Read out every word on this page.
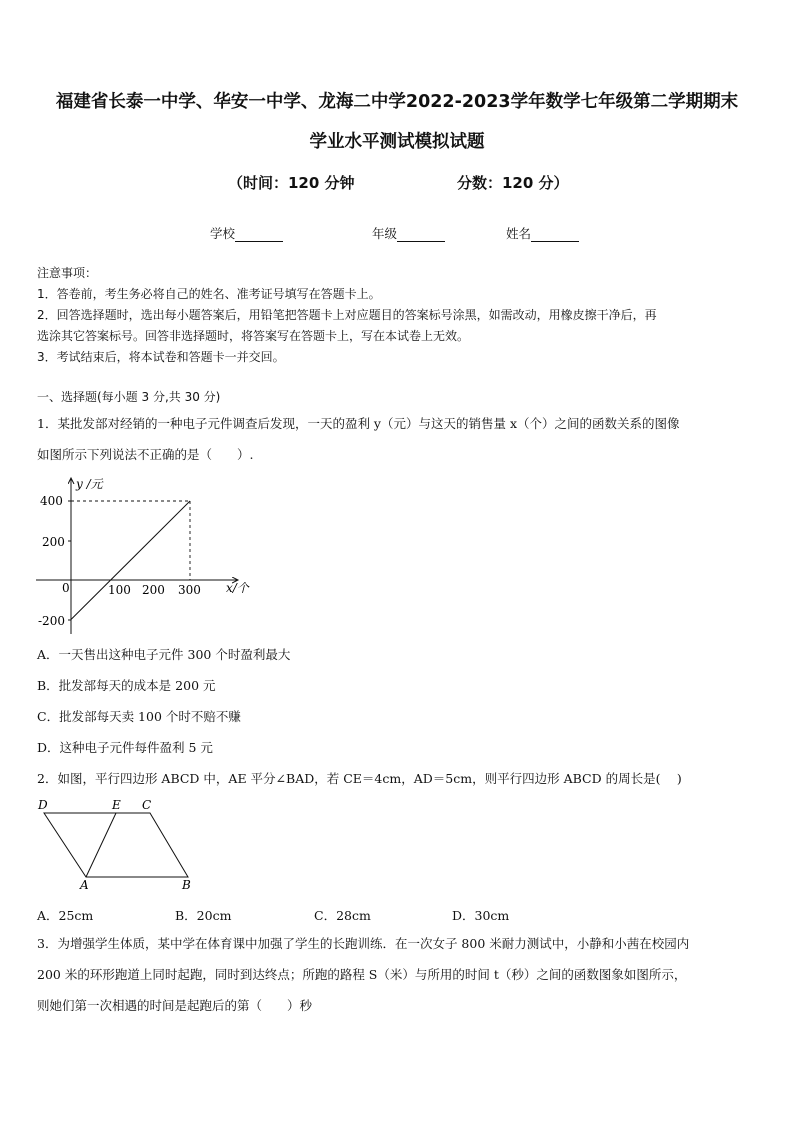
福建省长泰一中学、华安一中学、龙海二中学2022-2023学年数学七年级第二学期期末
学业水平测试模拟试题
（时间：120 分钟	分数：120 分）
学校	年级	姓名
注意事项：
1．答卷前，考生务必将自己的姓名、准考证号填写在答题卡上。
2．回答选择题时，选出每小题答案后，用铅笔把答题卡上对应题目的答案标号涂黑，如需改动，用橡皮擦干净后，再
选涂其它答案标号。回答非选择题时，将答案写在答题卡上，写在本试卷上无效。
3．考试结束后，将本试卷和答题卡一并交回。
一、选择题(每小题 3 分,共 30 分)
1．某批发部对经销的一种电子元件调查后发现，一天的盈利 y（元）与这天的销售量 x（个）之间的函数关系的图像
如图所示下列说法不正确的是（　　）.
y /元
x/个
0
400
200
-200
100 200 300
A．一天售出这种电子元件 300 个时盈利最大
B．批发部每天的成本是 200 元
C．批发部每天卖 100 个时不赔不赚
D．这种电子元件每件盈利 5 元
2．如图，平行四边形 ABCD 中，AE 平分∠BAD，若 CE＝4cm，AD＝5cm，则平行四边形 ABCD 的周长是(　 )
D	E C
A	B
A．25cm	B．20cm	C．28cm	D．30cm
3．为增强学生体质，某中学在体育课中加强了学生的长跑训练．在一次女子 800 米耐力测试中，小静和小茜在校园内
200 米的环形跑道上同时起跑，同时到达终点；所跑的路程 S（米）与所用的时间 t（秒）之间的函数图象如图所示，
则她们第一次相遇的时间是起跑后的第（　　）秒
